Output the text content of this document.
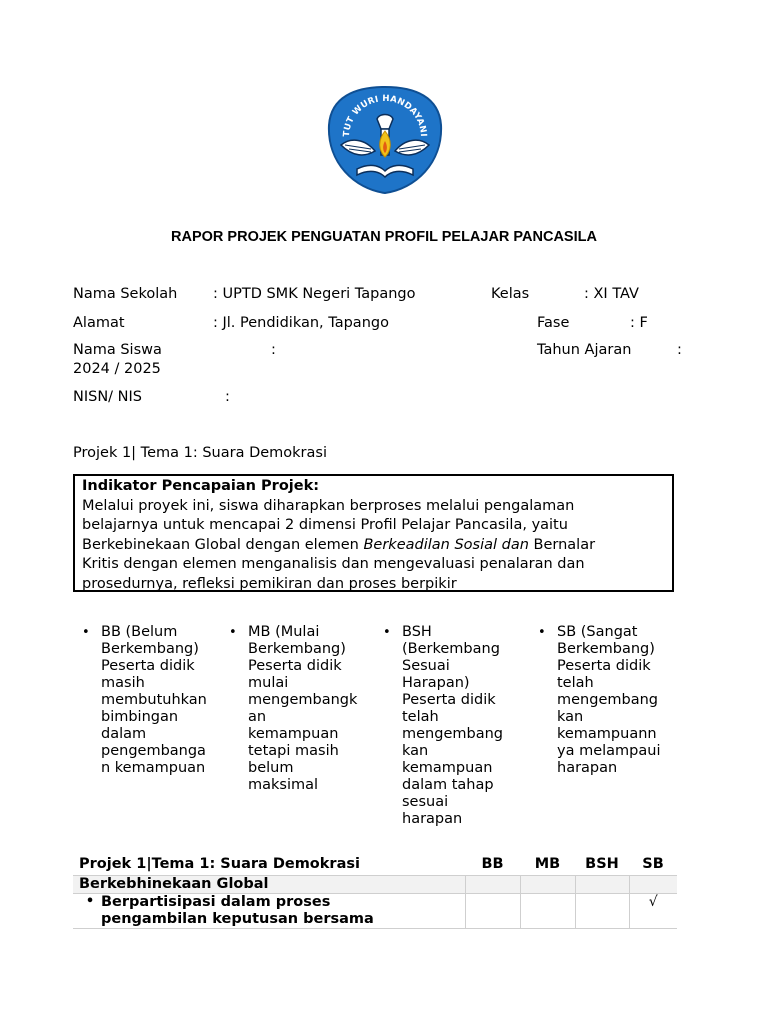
TUT WURI HANDAYANI
RAPOR PROJEK PENGUATAN PROFIL PELAJAR PANCASILA
Nama Sekolah : UPTD SMK Negeri Tapango	Kelas	: XI TAV
Alamat	: Jl. Pendidikan, Tapango	Fase	: F
Nama Siswa	:	Tahun Ajaran	:
2024 / 2025
NISN/ NIS	:
Projek 1| Tema 1: Suara Demokrasi
Indikator Pencapaian Projek:
Melalui proyek ini, siswa diharapkan berproses melalui pengalaman
belajarnya untuk mencapai 2 dimensi Profil Pelajar Pancasila, yaitu
Berkebinekaan Global dengan elemen Berkeadilan Sosial dan Bernalar
Kritis dengan elemen menganalisis dan mengevaluasi penalaran dan
prosedurnya, refleksi pemikiran dan proses berpikir
• BB (Belum
Berkembang)
Peserta didik
masih
membutuhkan
bimbingan
dalam
pengembanga
n kemampuan
• MB (Mulai
Berkembang)
Peserta didik
mulai
mengembangk
an
kemampuan
tetapi masih
belum
maksimal
• BSH
(Berkembang
Sesuai
Harapan)
Peserta didik
telah
mengembang
kan
kemampuan
dalam tahap
sesuai
harapan
• SB (Sangat
Berkembang)
Peserta didik
telah
mengembang
kan
kemampuann
ya melampaui
harapan
Projek 1|Tema 1: Suara Demokrasi	BB	MB	BSH	SB
Berkebhinekaan Global				
• Berpartisipasi dalam proses
pengambilan keputusan bersama				√
